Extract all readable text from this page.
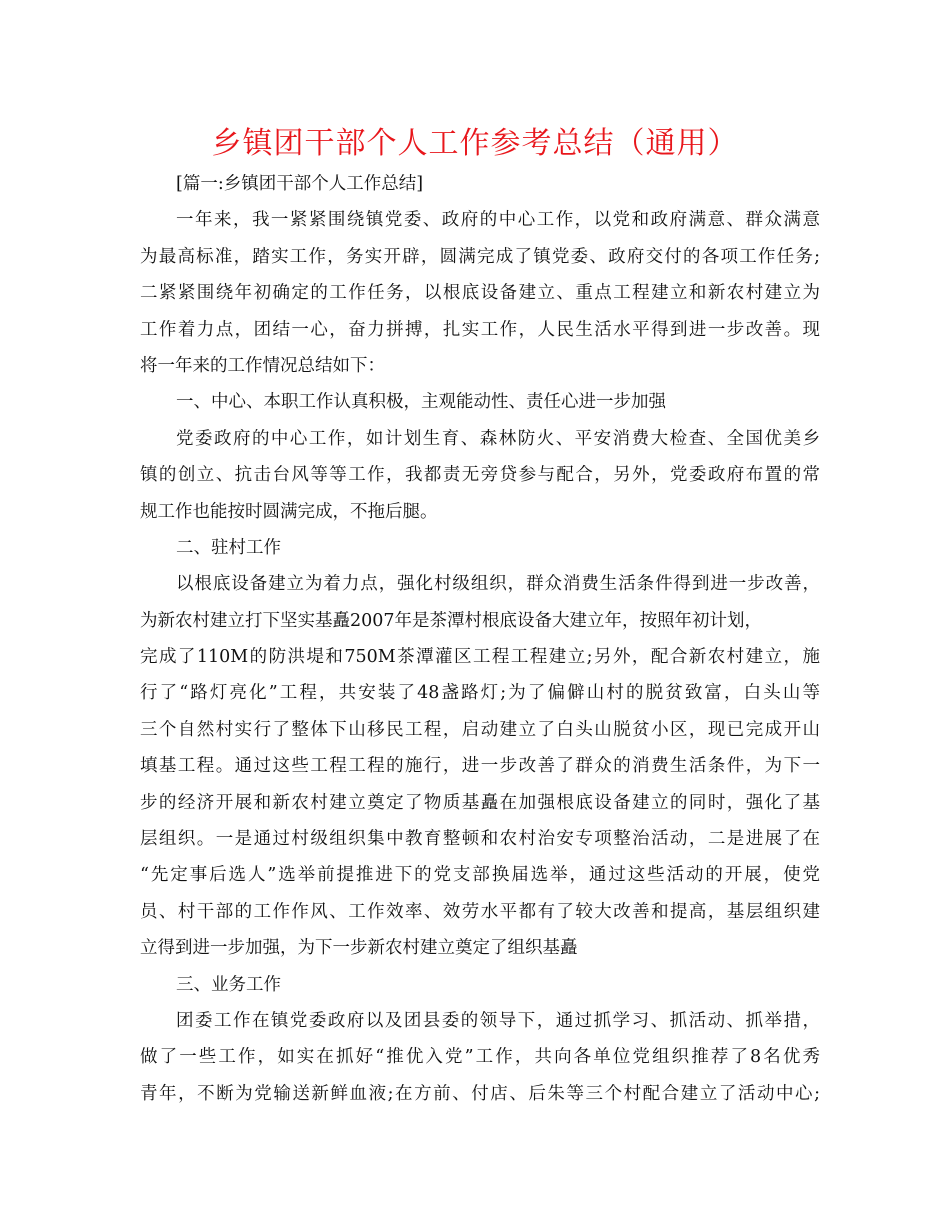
乡镇团干部个人工作参考总结（通用）
[篇一:乡镇团干部个人工作总结]
一年来，我一紧紧围绕镇党委、政府的中心工作，以党和政府满意、群众满意
为最高标准，踏实工作，务实开辟，圆满完成了镇党委、政府交付的各项工作任务;
二紧紧围绕年初确定的工作任务，以根底设备建立、重点工程建立和新农村建立为
工作着力点，团结一心，奋力拼搏，扎实工作，人民生活水平得到进一步改善。现
将一年来的工作情况总结如下：
一、中心、本职工作认真积极，主观能动性、责任心进一步加强
党委政府的中心工作，如计划生育、森林防火、平安消费大检查、全国优美乡
镇的创立、抗击台风等等工作，我都责无旁贷参与配合，另外，党委政府布置的常
规工作也能按时圆满完成，不拖后腿。
二、驻村工作
以根底设备建立为着力点，强化村级组织，群众消费生活条件得到进一步改善，
为新农村建立打下坚实基矗2007年是茶潭村根底设备大建立年，按照年初计划，
完成了110M的防洪堤和750M茶潭灌区工程工程建立;另外，配合新农村建立，施
行了“路灯亮化”工程，共安装了48盏路灯;为了偏僻山村的脱贫致富，白头山等
三个自然村实行了整体下山移民工程，启动建立了白头山脱贫小区，现已完成开山
填基工程。通过这些工程工程的施行，进一步改善了群众的消费生活条件，为下一
步的经济开展和新农村建立奠定了物质基矗在加强根底设备建立的同时，强化了基
层组织。一是通过村级组织集中教育整顿和农村治安专项整治活动，二是进展了在
“先定事后选人”选举前提推进下的党支部换届选举，通过这些活动的开展，使党
员、村干部的工作作风、工作效率、效劳水平都有了较大改善和提高，基层组织建
立得到进一步加强，为下一步新农村建立奠定了组织基矗
三、业务工作
团委工作在镇党委政府以及团县委的领导下，通过抓学习、抓活动、抓举措，
做了一些工作，如实在抓好“推优入党”工作，共向各单位党组织推荐了8名优秀
青年，不断为党输送新鲜血液;在方前、付店、后朱等三个村配合建立了活动中心;
